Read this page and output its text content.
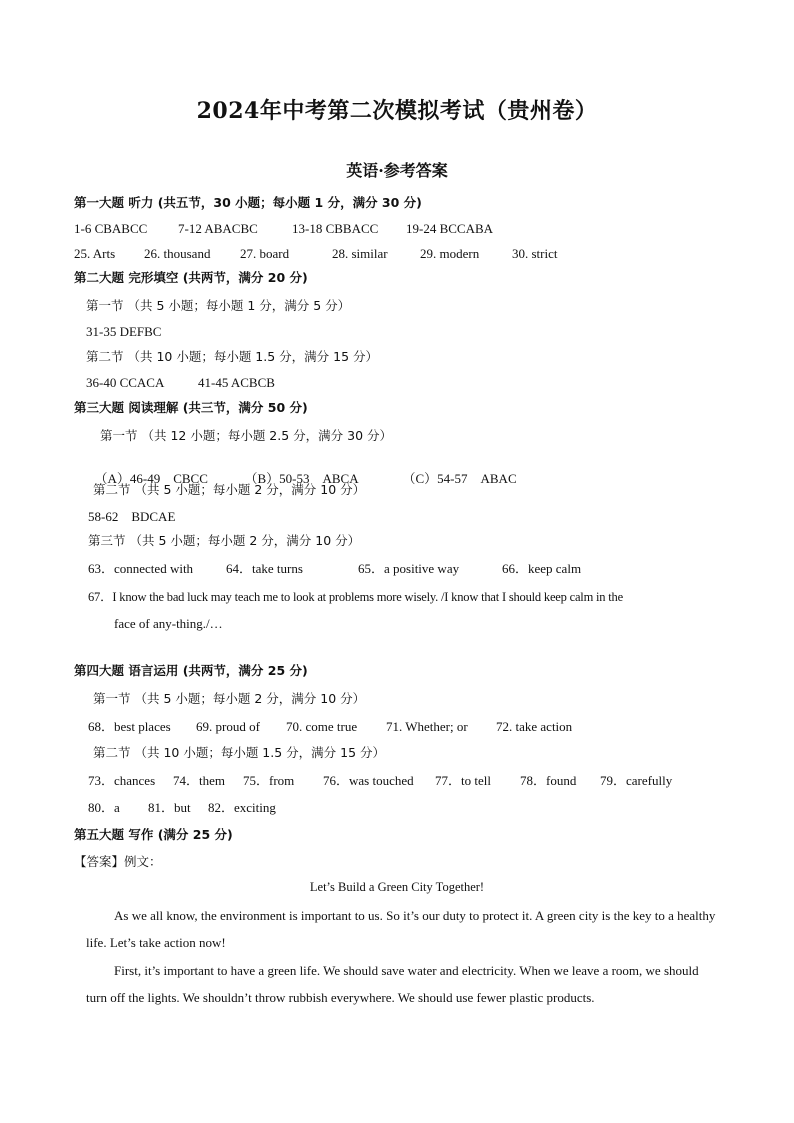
2024年中考第二次模拟考试（贵州卷）
英语·参考答案
第一大题 听力 (共五节，30 小题；每小题 1 分，满分 30 分)
1-6 CBABCC 7-12 ABACBC	13-18 CBBACC 19-24 BCCABA
25. Arts 26. thousand 27. board	28. similar 29. modern	30. strict
第二大题 完形填空 (共两节，满分 20 分)
第一节 （共 5 小题；每小题 1 分，满分 5 分）
31-35 DEFBC
第二节 （共 10 小题；每小题 1.5 分，满分 15 分）
36-40 CCACA	41-45 ACBCB
第三大题 阅读理解 (共三节，满分 50 分)
第一节 （共 12 小题；每小题 2.5 分，满分 30 分）

（A）46-49    CBCC	（B）50-53    ABCA	（C）54-57    ABAC

第二节 （共 5 小题；每小题 2 分，满分 10 分）
58-62    BDCAE
第三节 （共 5 小题；每小题 2 分，满分 10 分）
63．connected with	64．take turns	65．a positive way	66．keep calm
67．I know the bad luck may teach me to look at problems more wisely. /I know that I should keep calm in the
face of any-thing./…
第四大题 语言运用 (共两节，满分 25 分)
第一节 （共 5 小题；每小题 2 分，满分 10 分）
68．best places 69. proud of 70. come true 71. Whether; or 72. take action
第二节 （共 10 小题；每小题 1.5 分，满分 15 分）
73．chances 74．them 75．from 76．was touched 77．to tell 78．found 79．carefully
80．a 81．but 82．exciting
第五大题 写作 (满分 25 分)
【答案】例文：
Let’s Build a Green City Together!
As we all know, the environment is important to us. So it’s our duty to protect it. A green city is the key to a healthy life. Let’s take action now!
First, it’s important to have a green life. We should save water and electricity. When we leave a room, we should turn off the lights. We shouldn’t throw rubbish everywhere. We should use fewer plastic products.
